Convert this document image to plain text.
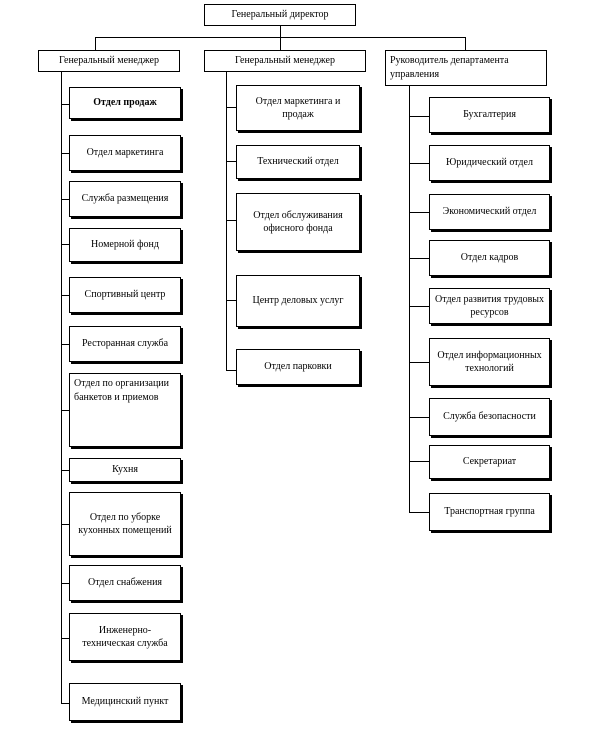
Генеральный директор
Генеральный менеджер	Генеральный менеджер	Руководитель департамента управления
Отдел продаж
Отдел маркетинга
Служба размещения
Номерной фонд
Спортивный центр
Ресторанная служба
Отдел по организации банкетов и приемов
Кухня
Отдел по уборке кухонных помещений
Отдел снабжения
Инженерно-техническая служба
Медицинский пункт
Отдел маркетинга и продаж
Технический отдел
Отдел обслуживания офисного фонда
Центр деловых услуг
Отдел парковки
Бухгалтерия
Юридический отдел
Экономический отдел
Отдел кадров
Отдел развития трудовых ресурсов
Отдел информационных технологий
Служба безопасности
Секретариат
Транспортная группа
